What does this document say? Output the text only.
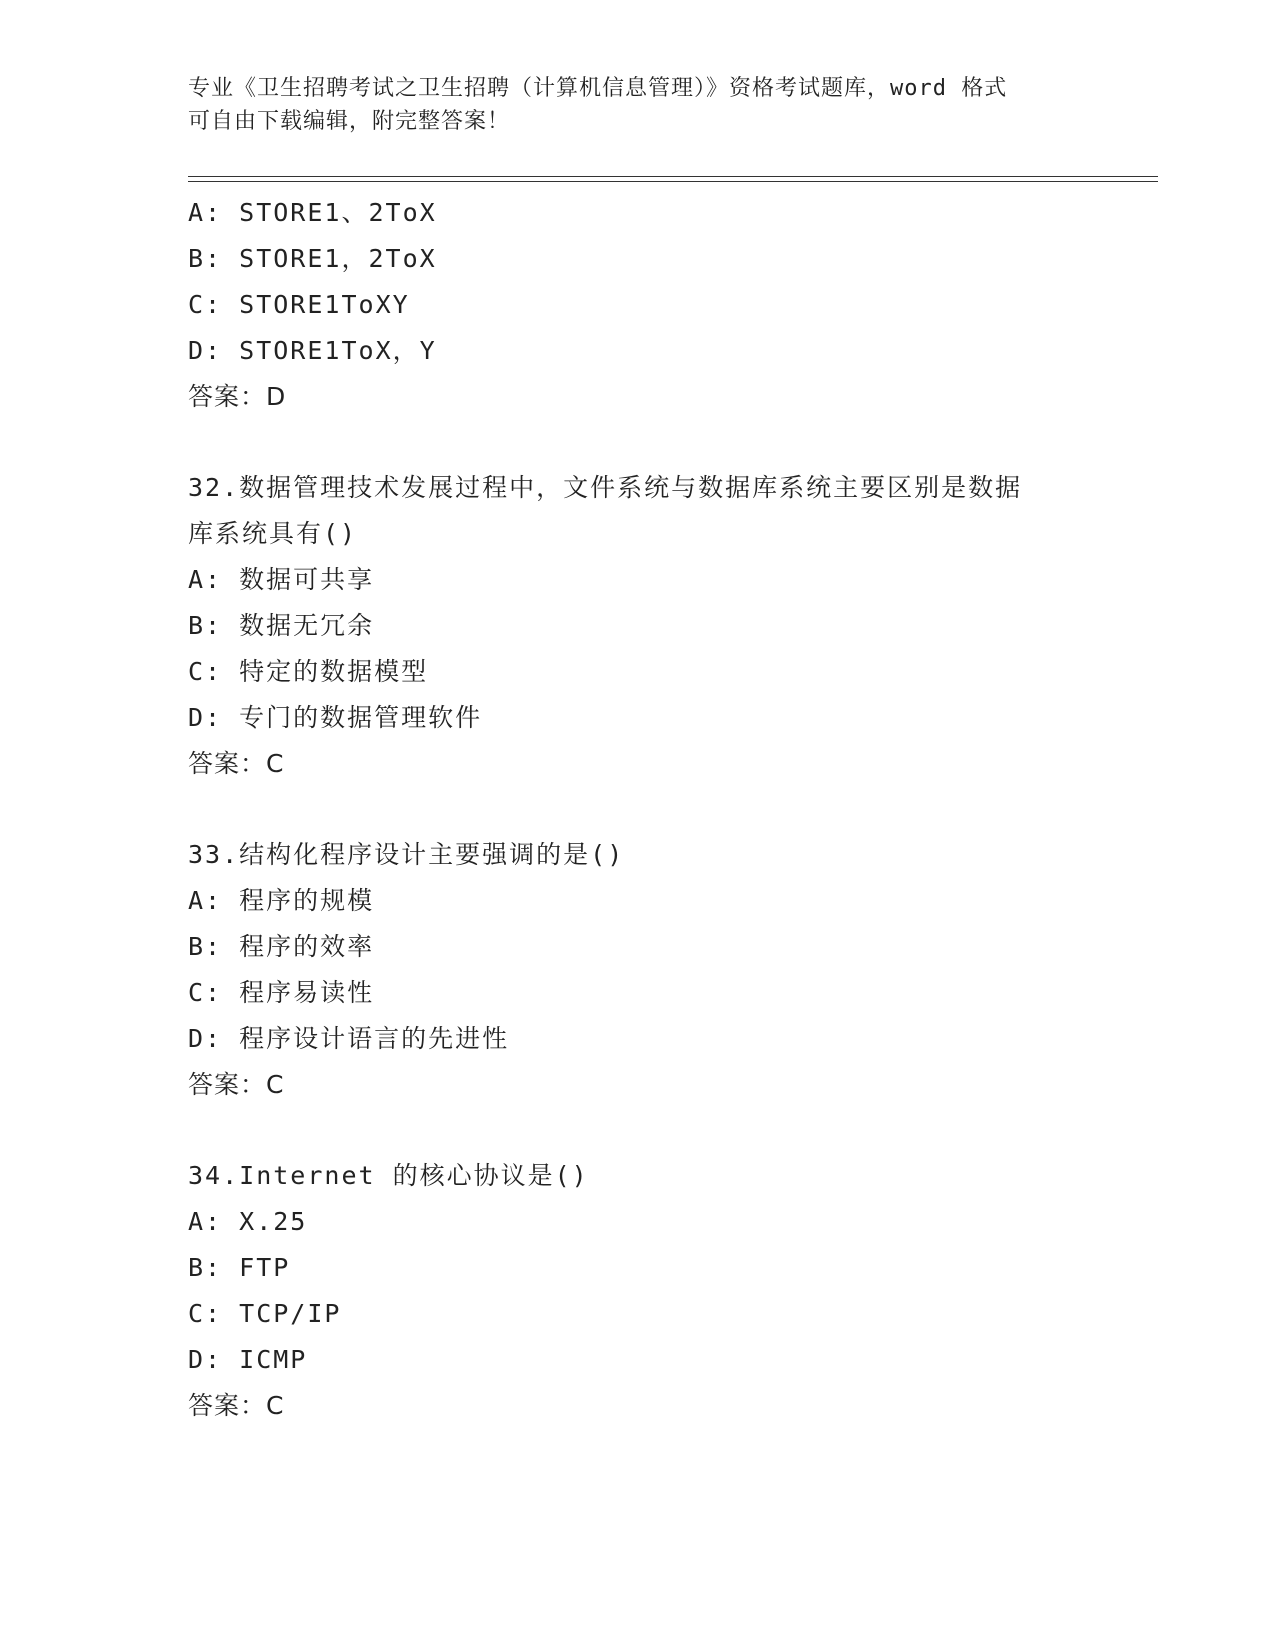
专业《卫生招聘考试之卫生招聘（计算机信息管理）》资格考试题库，word 格式
可自由下载编辑，附完整答案！
A: STORE1、2ToX
B: STORE1，2ToX
C: STORE1ToXY
D: STORE1ToX，Y
答案：D
32.数据管理技术发展过程中，文件系统与数据库系统主要区别是数据
库系统具有()
A: 数据可共享
B: 数据无冗余
C: 特定的数据模型
D: 专门的数据管理软件
答案：C
33.结构化程序设计主要强调的是()
A: 程序的规模
B: 程序的效率
C: 程序易读性
D: 程序设计语言的先进性
答案：C
34.Internet 的核心协议是()
A: X.25
B: FTP
C: TCP/IP
D: ICMP
答案：C
